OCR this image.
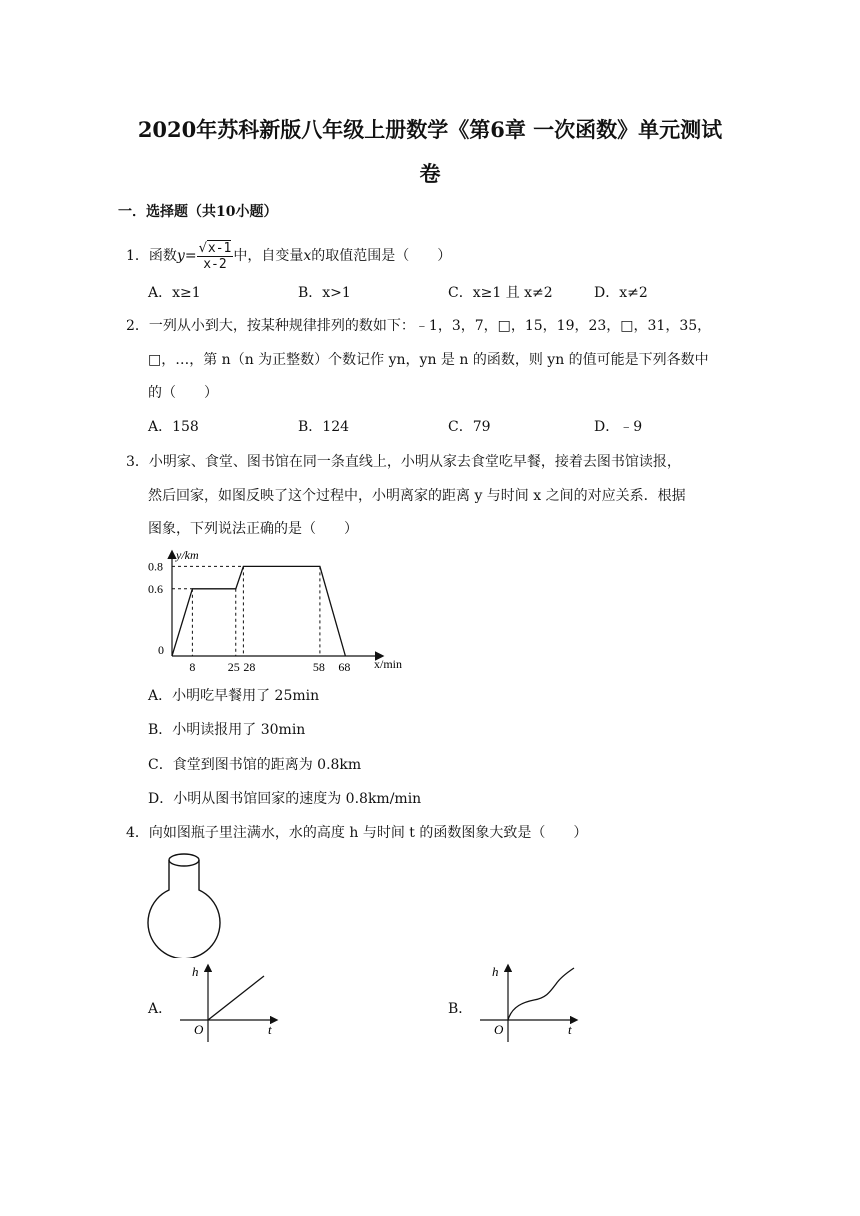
2020年苏科新版八年级上册数学《第6章 一次函数》单元测试
卷
一．选择题（共10小题）
1．函数$y= \frac{√x-1}{x-2}$ 中，自变量x的取值范围是（　　）
A．x≥1	B．x>1	C．x≥1 且 x≠2	D．x≠2
2．一列从小到大，按某种规律排列的数如下：﹣1，3，7，□，15，19，23，□，31，35，
□，…，第 n（n 为正整数）个数记作 yn，yn 是 n 的函数，则 yn 的值可能是下列各数中
的（　　）
A．158	B．124	C．79	D．﹣9
3．小明家、食堂、图书馆在同一条直线上，小明从家去食堂吃早餐，接着去图书馆读报，
然后回家，如图反映了这个过程中，小明离家的距离 y 与时间 x 之间的对应关系．根据
图象，下列说法正确的是（　　）
0
8	25 28	58 68
0.6
0.8
y/km
x/min
A．小明吃早餐用了 25min
B．小明读报用了 30min
C．食堂到图书馆的距离为 0.8km
D．小明从图书馆回家的速度为 0.8km/min
4．向如图瓶子里注满水，水的高度 h 与时间 t 的函数图象大致是（　　）
A．
h
t
O
B．
h
t
O
